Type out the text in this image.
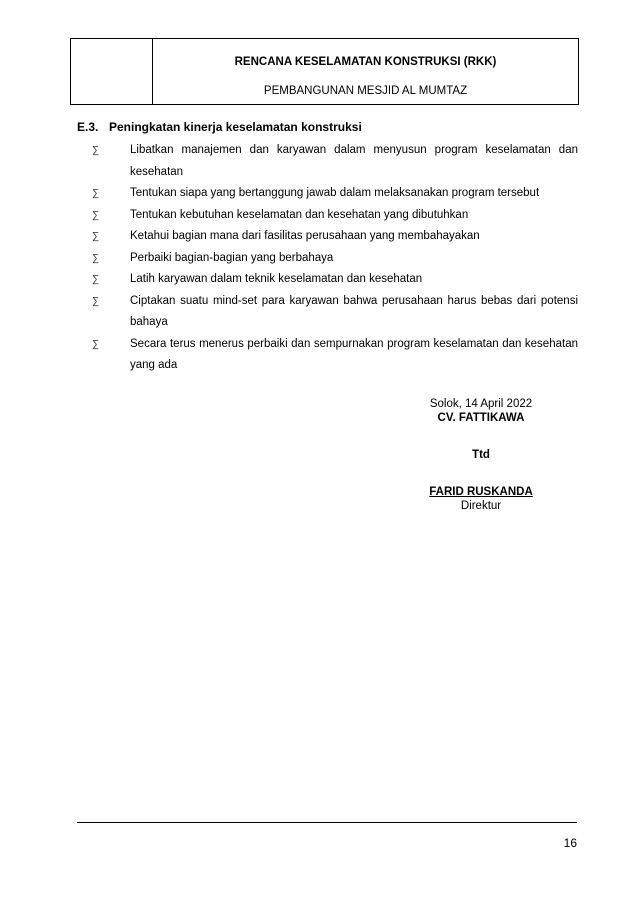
RENCANA KESELAMATAN KONSTRUKSI (RKK)
PEMBANGUNAN MESJID AL MUMTAZ
E.3. Peningkatan kinerja keselamatan konstruksi
∑	Libatkan manajemen dan karyawan dalam menyusun program keselamatan dan kesehatan
∑	Tentukan siapa yang bertanggung jawab dalam melaksanakan program tersebut
∑	Tentukan kebutuhan keselamatan dan kesehatan yang dibutuhkan
∑	Ketahui bagian mana dari fasilitas perusahaan yang membahayakan
∑	Perbaiki bagian-bagian yang berbahaya
∑	Latih karyawan dalam teknik keselamatan dan kesehatan
∑	Ciptakan suatu mind-set para karyawan bahwa perusahaan harus bebas dari potensi bahaya
∑	Secara terus menerus perbaiki dan sempurnakan program keselamatan dan kesehatan yang ada
Solok, 14 April 2022
CV. FATTIKAWA
Ttd
FARID RUSKANDA
Direktur
16
